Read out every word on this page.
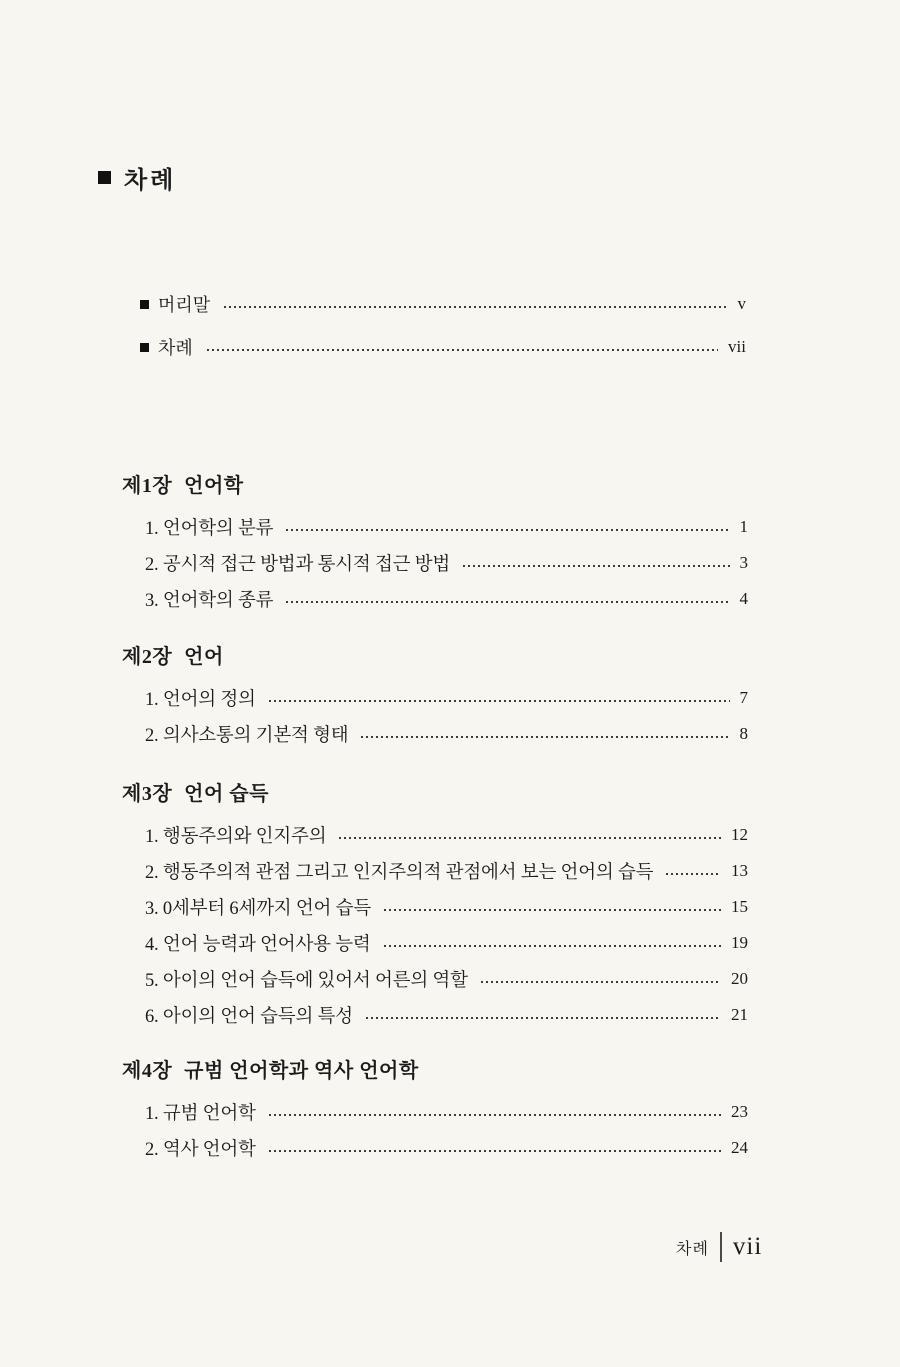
차례
머리말	v
차례	vii
제1장 언어학
1. 언어학의 분류	1
2. 공시적 접근 방법과 통시적 접근 방법	3
3. 언어학의 종류	4
제2장 언어
1. 언어의 정의	7
2. 의사소통의 기본적 형태	8
제3장 언어 습득
1. 행동주의와 인지주의	12
2. 행동주의적 관점 그리고 인지주의적 관점에서 보는 언어의 습득	13
3. 0세부터 6세까지 언어 습득	15
4. 언어 능력과 언어사용 능력	19
5. 아이의 언어 습득에 있어서 어른의 역할	20
6. 아이의 언어 습득의 특성	21
제4장 규범 언어학과 역사 언어학
1. 규범 언어학	23
2. 역사 언어학	24
차례 vii
